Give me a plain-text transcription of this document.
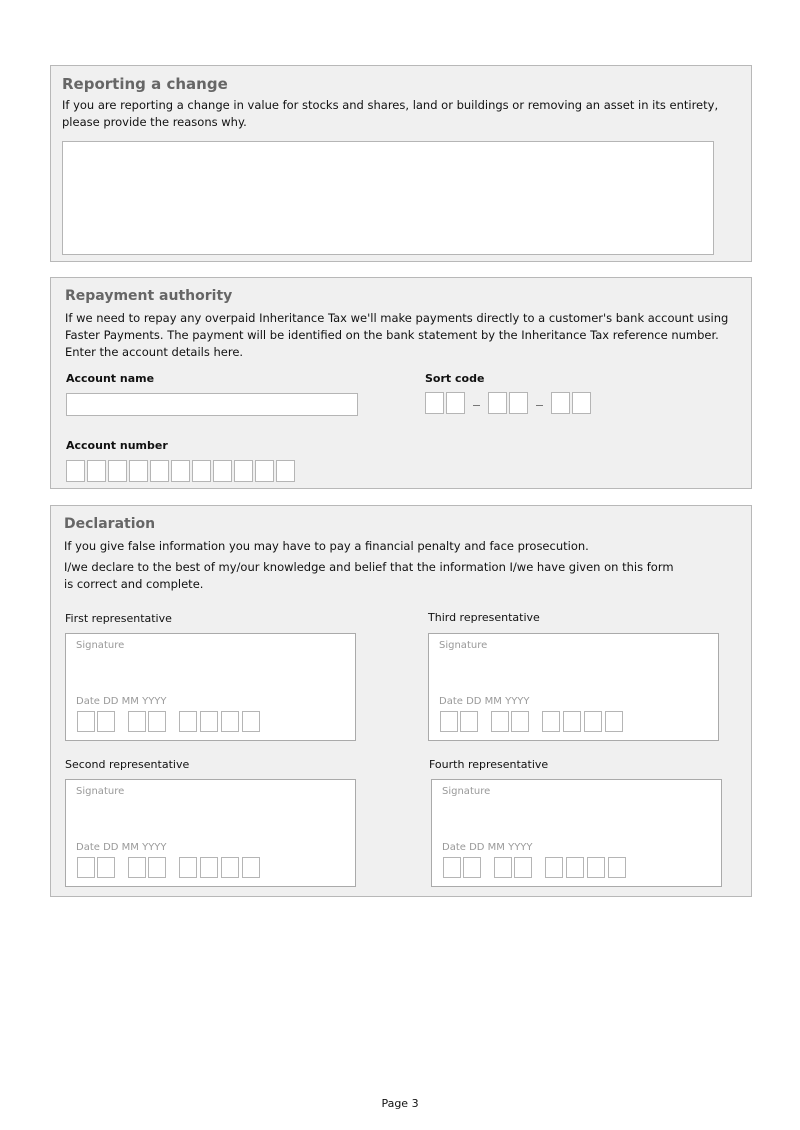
Reporting a change

If you are reporting a change in value for stocks and shares, land or buildings or removing an asset in its entirety,

please provide the reasons why.

Repayment authority

If we need to repay any overpaid Inheritance Tax we'll make payments directly to a customer's bank account using

Faster Payments. The payment will be identified on the bank statement by the Inheritance Tax reference number.

Enter the account details here.

Account name	Sort code
Account number
Declaration

If you give false information you may have to pay a financial penalty and face prosecution.

I/we declare to the best of my/our knowledge and belief that the information I/we have given on this form

is correct and complete.

First representative
Signature
Date DD MM YYYY
Third representative
Signature
Date DD MM YYYY
Second representative
Signature
Date DD MM YYYY
Fourth representative
Signature
Date DD MM YYYY
Page 3
